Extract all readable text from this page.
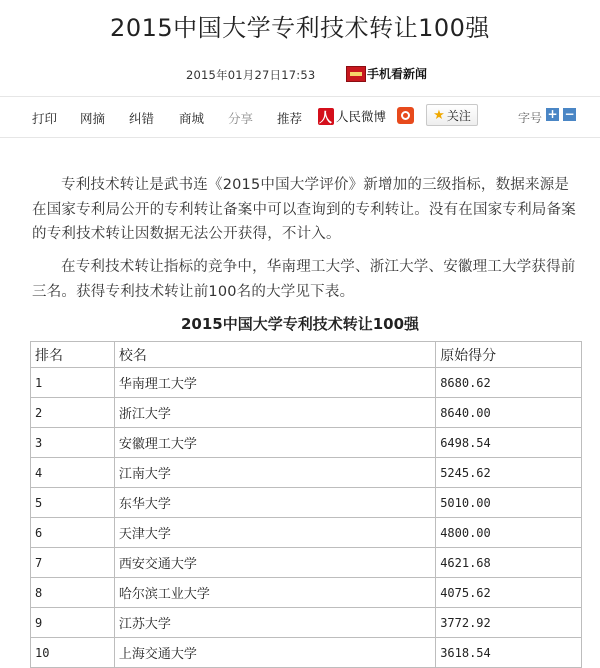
2015中国大学专利技术转让100强
2015年01月27日17:53	手机看新闻
打印 网摘 纠错 商城 分享 推荐 人	人民微博	★ 关注	字号 + −

专利技术转让是武书连《2015中国大学评价》新增加的三级指标，数据来源是在国家专利局公开的专利转让备案中可以查询到的专利转让。没有在国家专利局备案的专利技术转让因数据无法公开获得，不计入。

在专利技术转让指标的竞争中，华南理工大学、浙江大学、安徽理工大学获得前三名。获得专利技术转让前100名的大学见下表。

2015中国大学专利技术转让100强
排名	校名	原始得分
1	华南理工大学	8680.62
2	浙江大学	8640.00
3	安徽理工大学	6498.54
4	江南大学	5245.62
5	东华大学	5010.00
6	天津大学	4800.00
7	西安交通大学	4621.68
8	哈尔滨工业大学	4075.62
9	江苏大学	3772.92
10	上海交通大学	3618.54
